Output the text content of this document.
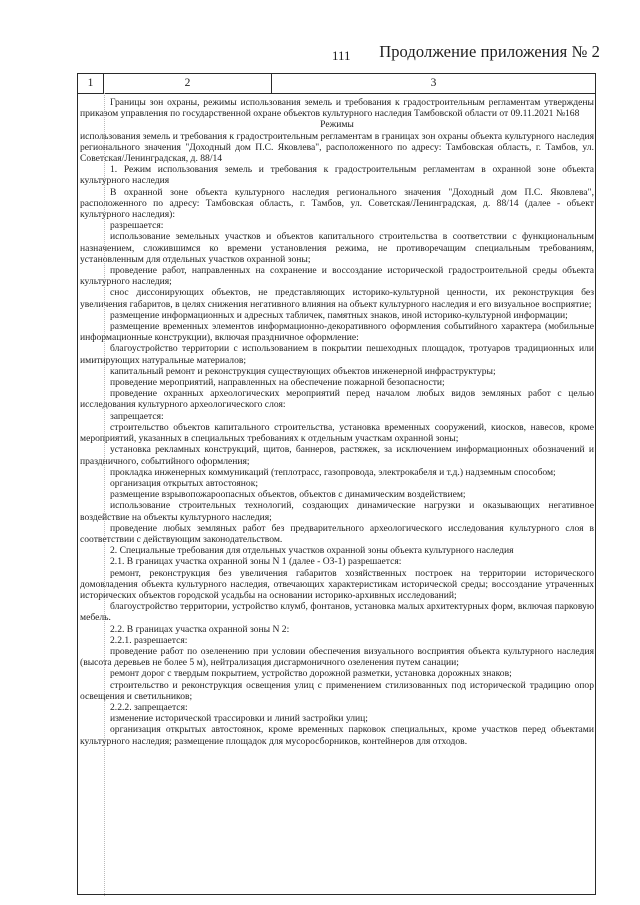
111 Продолжение приложения № 2
1	2	3

Границы зон охраны, режимы использования земель и требования к градостроительным регламентам утверждены приказом управления по государственной охране объектов культурного наследия Тамбовской области от 09.11.2021 №168

Режимы

использования земель и требования к градостроительным регламентам в границах зон охраны объекта культурного наследия регионального значения "Доходный дом П.С. Яковлева", расположенного по адресу: Тамбовская область, г. Тамбов, ул. Советская/Ленинградская, д. 88/14

1. Режим использования земель и требования к градостроительным регламентам в охранной зоне объекта культурного наследия

В охранной зоне объекта культурного наследия регионального значения "Доходный дом П.С. Яковлева", расположенного по адресу: Тамбовская область, г. Тамбов, ул. Советская/Ленинградская, д. 88/14 (далее - объект культурного наследия):

разрешается:

использование земельных участков и объектов капитального строительства в соответствии с функциональным назначением, сложившимся ко времени установления режима, не противоречащим специальным требованиям, установленным для отдельных участков охранной зоны;

проведение работ, направленных на сохранение и воссоздание исторической градостроительной среды объекта культурного наследия;

снос диссонирующих объектов, не представляющих историко-культурной ценности, их реконструкция без увеличения габаритов, в целях снижения негативного влияния на объект культурного наследия и его визуальное восприятие;

размещение информационных и адресных табличек, памятных знаков, иной историко-культурной информации;

размещение временных элементов информационно-декоративного оформления событийного характера (мобильные информационные конструкции), включая праздничное оформление:

благоустройство территории с использованием в покрытии пешеходных площадок, тротуаров традиционных или имитирующих натуральные материалов;

капитальный ремонт и реконструкция существующих объектов инженерной инфраструктуры;

проведение мероприятий, направленных на обеспечение пожарной безопасности;

проведение охранных археологических мероприятий перед началом любых видов земляных работ с целью исследования культурного археологического слоя:

запрещается:

строительство объектов капитального строительства, установка временных сооружений, киосков, навесов, кроме мероприятий, указанных в специальных требованиях к отдельным участкам охранной зоны;

установка рекламных конструкций, щитов, баннеров, растяжек, за исключением информационных обозначений и праздничного, событийного оформления;

прокладка инженерных коммуникаций (теплотрасс, газопровода, электрокабеля и т.д.) надземным способом;

организация открытых автостоянок;

размещение взрывопожароопасных объектов, объектов с динамическим воздействием;

использование строительных технологий, создающих динамические нагрузки и оказывающих негативное воздействие на объекты культурного наследия;

проведение любых земляных работ без предварительного археологического исследования культурного слоя в соответствии с действующим законодательством.

2. Специальные требования для отдельных участков охранной зоны объекта культурного наследия

2.1. В границах участка охранной зоны N 1 (далее - ОЗ-1) разрешается:

ремонт, реконструкция без увеличения габаритов хозяйственных построек на территории исторического домовладения объекта культурного наследия, отвечающих характеристикам исторической среды; воссоздание утраченных исторических объектов городской усадьбы на основании историко-архивных исследований;

благоустройство территории, устройство клумб, фонтанов, установка малых архитектурных форм, включая парковую мебель.

2.2. В границах участка охранной зоны N 2:

2.2.1. разрешается:

проведение работ по озеленению при условии обеспечения визуального восприятия объекта культурного наследия (высота деревьев не более 5 м), нейтрализация дисгармоничного озеленения путем санации;

ремонт дорог с твердым покрытием, устройство дорожной разметки, установка дорожных знаков;

строительство и реконструкция освещения улиц с применением стилизованных под исторической традицию опор освещения и светильников;

2.2.2. запрещается:

изменение исторической трассировки и линий застройки улиц;

организация открытых автостоянок, кроме временных парковок специальных, кроме участков перед объектами культурного наследия; размещение площадок для мусоросборников, контейнеров для отходов.
